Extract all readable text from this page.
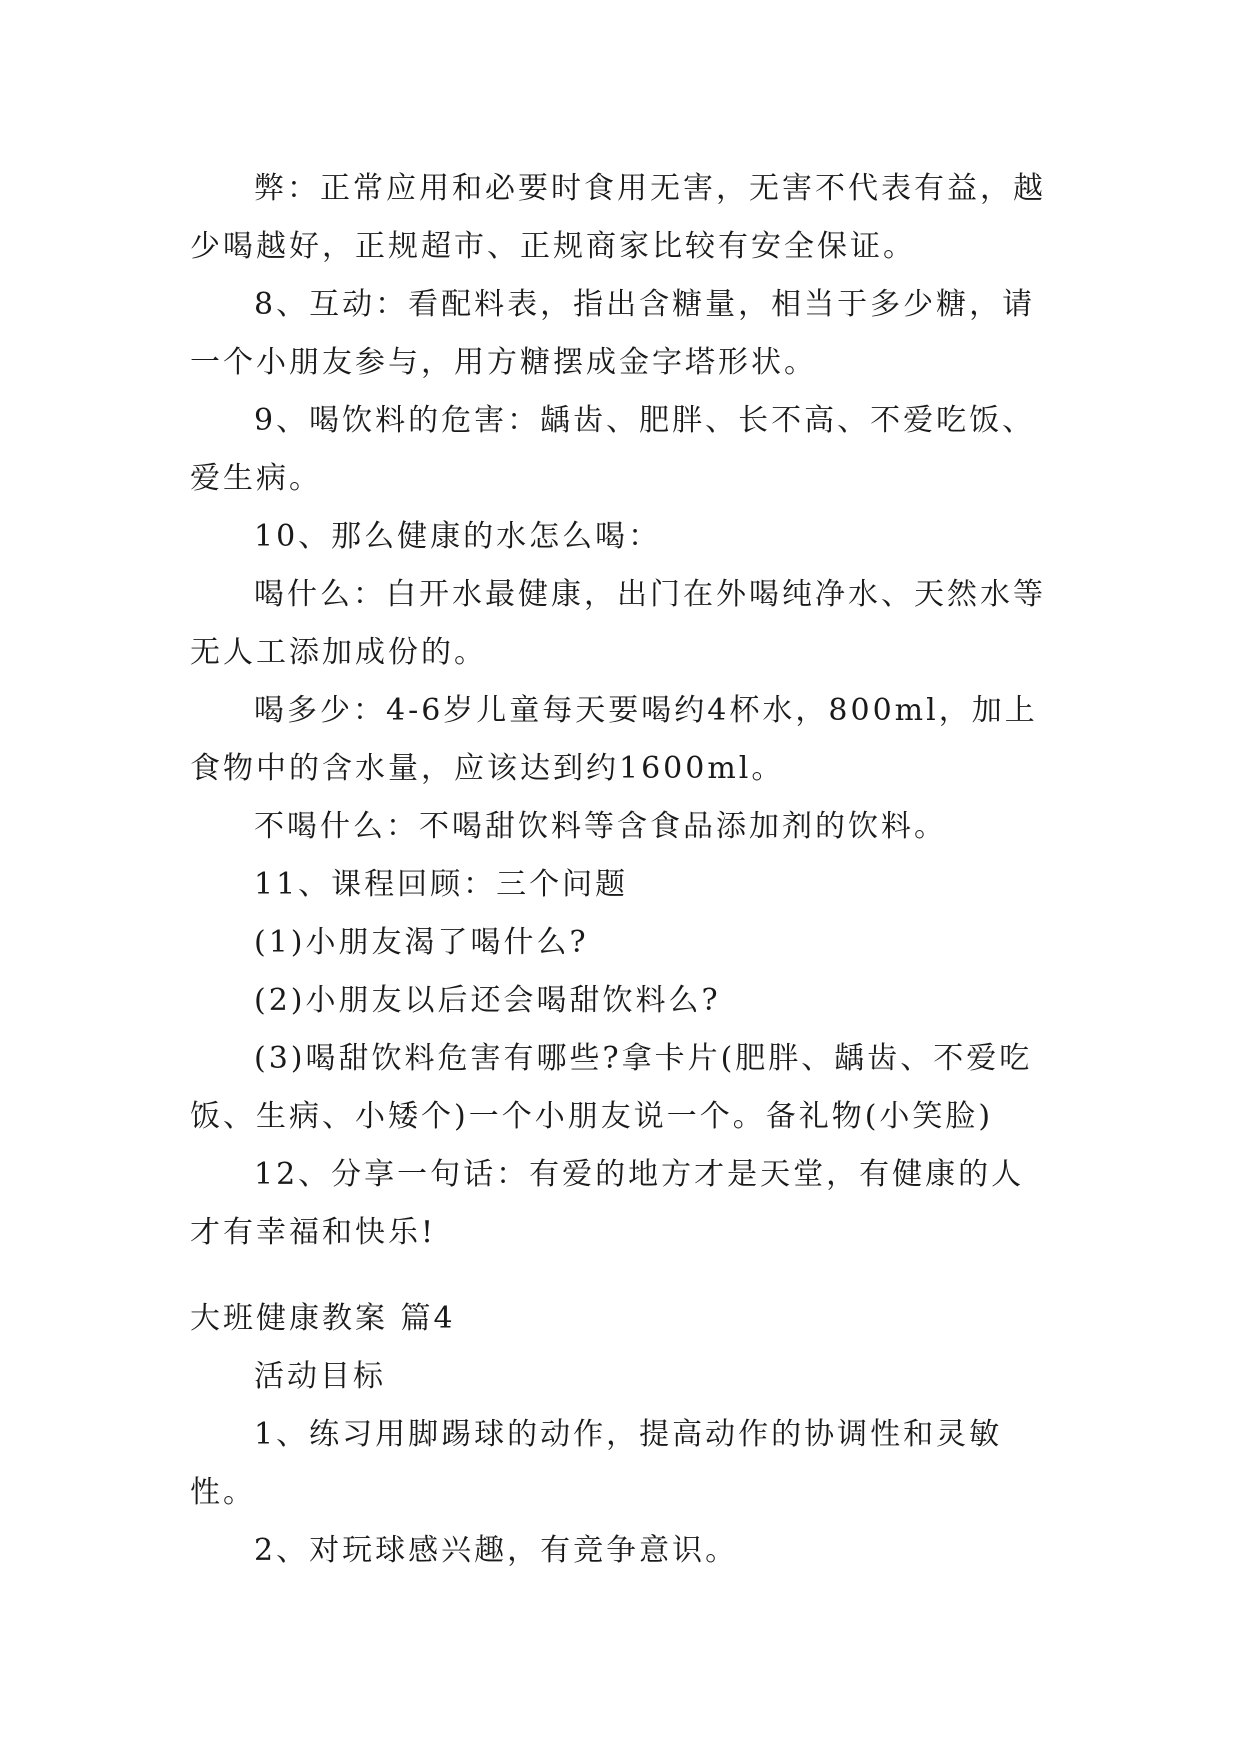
弊：正常应用和必要时食用无害，无害不代表有益，越少喝越好，正规超市、正规商家比较有安全保证。

8、互动：看配料表，指出含糖量，相当于多少糖，请一个小朋友参与，用方糖摆成金字塔形状。

9、喝饮料的危害：龋齿、肥胖、长不高、不爱吃饭、爱生病。

10、那么健康的水怎么喝：

喝什么：白开水最健康，出门在外喝纯净水、天然水等无人工添加成份的。

喝多少：4-6岁儿童每天要喝约4杯水，800ml，加上食物中的含水量，应该达到约1600ml。

不喝什么：不喝甜饮料等含食品添加剂的饮料。

11、课程回顾：三个问题

(1)小朋友渴了喝什么?

(2)小朋友以后还会喝甜饮料么?

(3)喝甜饮料危害有哪些?拿卡片(肥胖、龋齿、不爱吃饭、生病、小矮个)一个小朋友说一个。备礼物(小笑脸)

12、分享一句话：有爱的地方才是天堂，有健康的人才有幸福和快乐!

大班健康教案 篇4

活动目标

1、练习用脚踢球的动作，提高动作的协调性和灵敏性。

2、对玩球感兴趣，有竞争意识。
